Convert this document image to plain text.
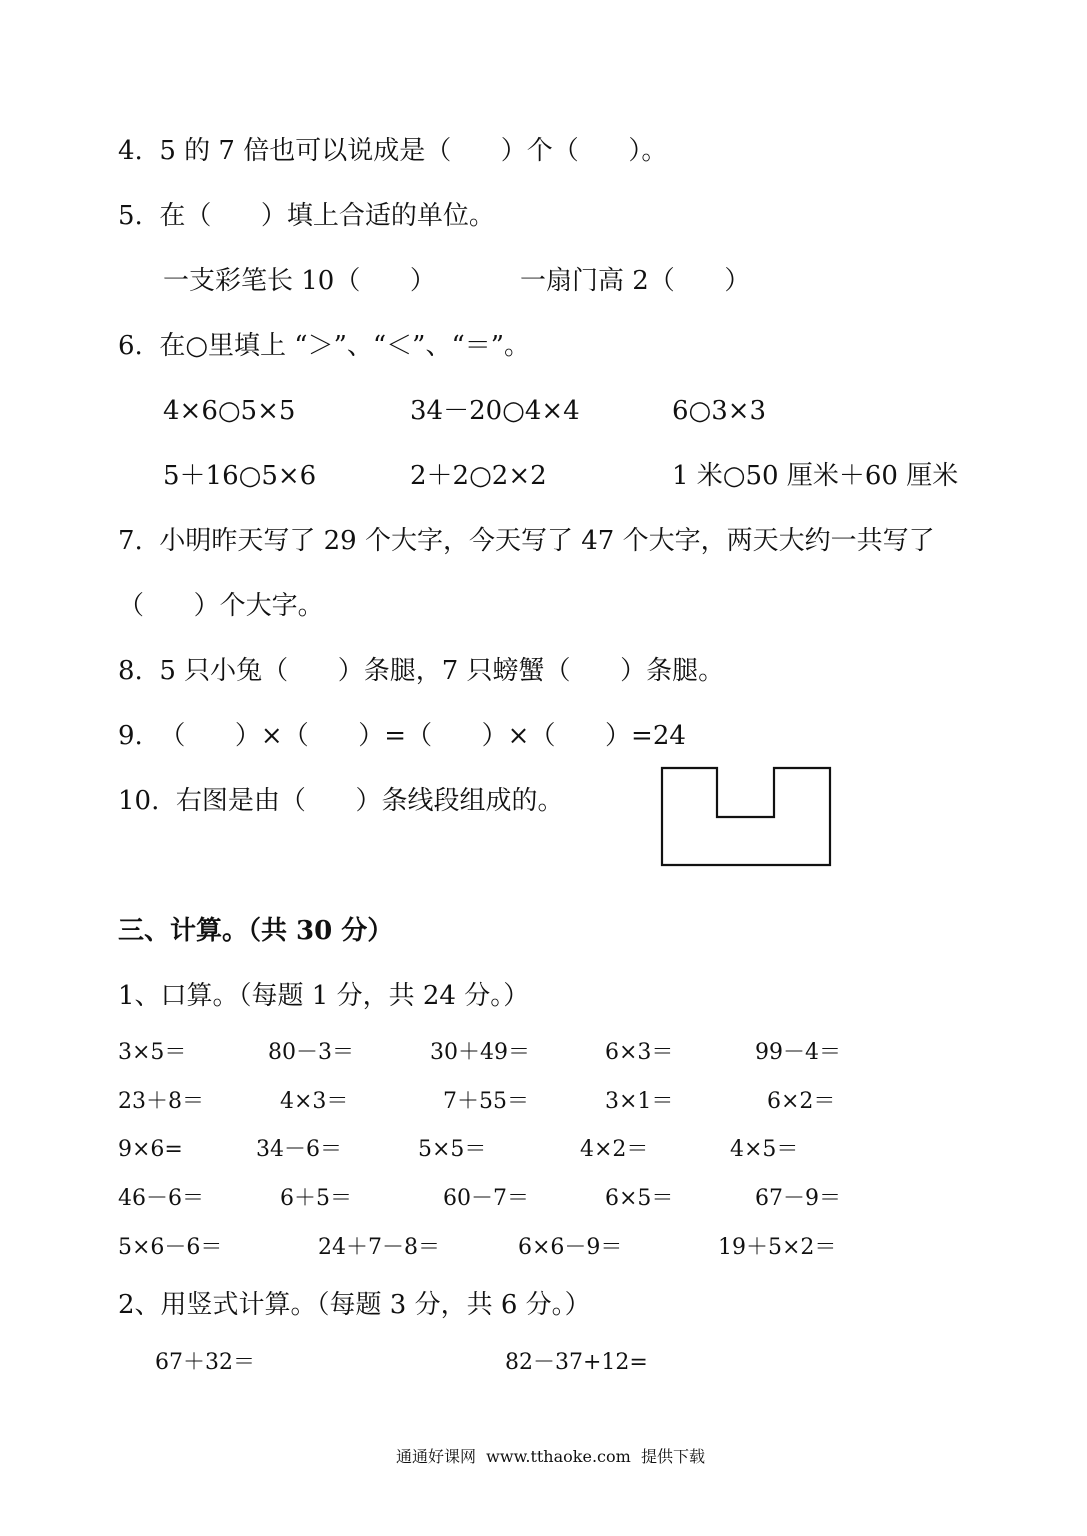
4.  5 的 7 倍也可以说成是（      ）个（      ）。
5.  在（      ）填上合适的单位。
一支彩笔长 10（      ）	一扇门高 2（      ）
6.  在○里填上 “＞”、“＜”、“＝”。
4×6○5×5	34－20○4×4	6○3×3
5＋16○5×6	2＋2○2×2	1 米○50 厘米＋60 厘米
7.  小明昨天写了 29 个大字，今天写了 47 个大字，两天大约一共写了
（      ）个大字。
8.  5 只小兔（      ）条腿，7 只螃蟹（      ）条腿。
9.  （      ）×（      ）=（      ）×（      ）=24
10.  右图是由（      ）条线段组成的。
三、计算。（共 30 分）
1、口算。（每题 1 分，共 24 分。）
3×5＝	80－3＝	30＋49＝	6×3＝	99－4＝
23＋8＝	4×3＝	7＋55＝	3×1＝	6×2＝
9×6=	34－6＝	5×5＝	4×2＝	4×5＝
46－6＝	6＋5＝	60－7＝	6×5＝	67－9＝
5×6－6＝	24＋7－8＝	6×6－9＝	19＋5×2＝
2、用竖式计算。（每题 3 分，共 6 分。）
67＋32＝	82－37+12=
通通好课网  www.tthaoke.com  提供下载
